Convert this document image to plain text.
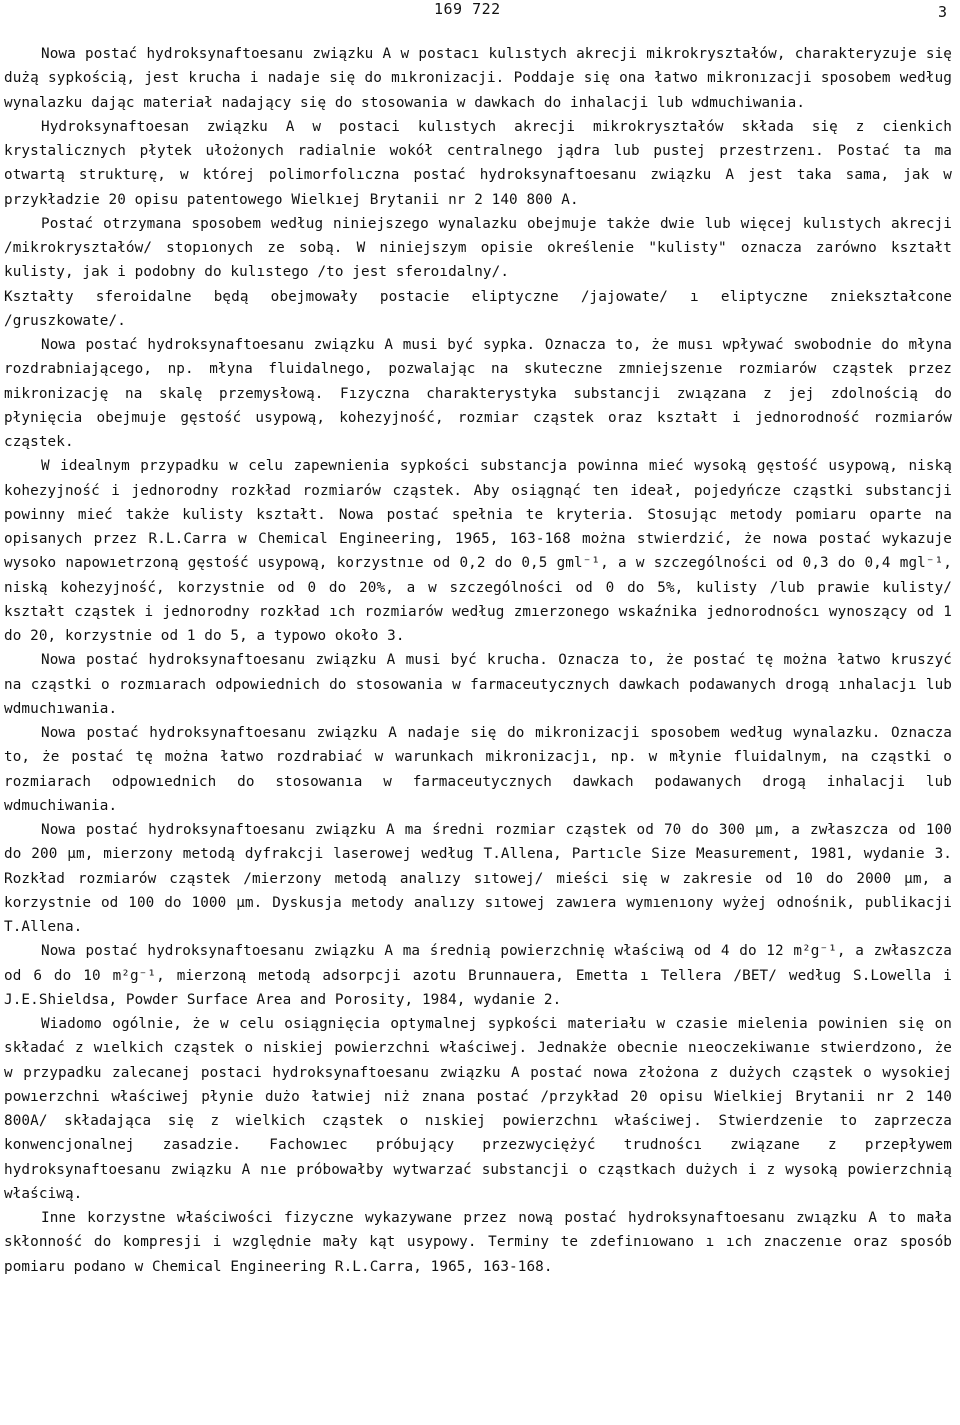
169 722	3

Nowa postać hydroksynaftoesanu związku A w postacı kulıstych akrecji mikrokryształów, charakteryzuje się dużą sypkością, jest krucha i nadaje się do mıkronizacji. Poddaje się ona łatwo mikronızacji sposobem według wynalazku dając materiał nadający się do stosowania w dawkach do inhalacji lub wdmuchiwania.

Hydroksynaftoesan związku A w postaci kulıstych akrecji mikrokryształów składa się z cienkich krystalicznych płytek ułożonych radialnie wokół centralnego jądra lub pustej przestrzenı. Postać ta ma otwartą strukturę, w której polimorfolıczna postać hydroksynaftoesanu związku A jest taka sama, jak w przykładzie 20 opisu patentowego Wielkıej Brytanii nr 2 140 800 A.

Postać otrzymana sposobem według niniejszego wynalazku obejmuje także dwie lub więcej kulıstych akrecji /mikrokryształów/ stopıonych ze sobą. W niniejszym opisie określenie "kulisty" oznacza zarówno kształt kulisty, jak i podobny do kulıstego /to jest sferoıdalny/.

Kształty sferoidalne będą obejmowały postacie eliptyczne /jajowate/ ı eliptyczne zniekształcone /gruszkowate/.

Nowa postać hydroksynaftoesanu związku A musi być sypka. Oznacza to, że musı wpływać swobodnie do młyna rozdrabniającego, np. młyna fluidalnego, pozwalając na skuteczne zmniejszenıe rozmiarów cząstek przez mikronizację na skalę przemysłową. Fızyczna charakterystyka substancji zwıązana z jej zdolnością do płynięcia obejmuje gęstość usypową, kohezyjność, rozmiar cząstek oraz kształt i jednorodność rozmiarów cząstek.

W idealnym przypadku w celu zapewnienia sypkości substancja powinna mieć wysoką gęstość usypową, niską kohezyjność i jednorodny rozkład rozmiarów cząstek. Aby osiągnąć ten ideał, pojedyńcze cząstki substancji powinny mieć także kulisty kształt. Nowa postać spełnia te kryteria. Stosując metody pomiaru oparte na opisanych przez R.L.Carra w Chemical Engineering, 1965, 163-168 można stwierdzić, że nowa postać wykazuje wysoko napowıetrzoną gęstość usypową, korzystnıe od 0,2 do 0,5 gml⁻¹, a w szczególności od 0,3 do 0,4 mgl⁻¹, niską kohezyjność, korzystnie od 0 do 20%, a w szczególności od 0 do 5%, kulisty /lub prawie kulisty/ kształt cząstek i jednorodny rozkład ıch rozmiarów według zmıerzonego wskaźnika jednorodnoścı wynoszący od 1 do 20, korzystnie od 1 do 5, a typowo około 3.

Nowa postać hydroksynaftoesanu związku A musi być krucha. Oznacza to, że postać tę można łatwo kruszyć na cząstki o rozmıarach odpowiednich do stosowania w farmaceutycznych dawkach podawanych drogą ınhalacjı lub wdmuchıwania.

Nowa postać hydroksynaftoesanu związku A nadaje się do mikronizacji sposobem według wynalazku. Oznacza to, że postać tę można łatwo rozdrabiać w warunkach mikronizacjı, np. w młynie fluidalnym, na cząstki o rozmiarach odpowıednich do stosowanıa w farmaceutycznych dawkach podawanych drogą inhalacji lub wdmuchiwania.

Nowa postać hydroksynaftoesanu związku A ma średni rozmiar cząstek od 70 do 300 μm, a zwłaszcza od 100 do 200 μm, mierzony metodą dyfrakcji laserowej według T.Allena, Partıcle Size Measurement, 1981, wydanie 3. Rozkład rozmiarów cząstek /mierzony metodą analızy sıtowej/ mieści się w zakresie od 10 do 2000 μm, a korzystnie od 100 do 1000 μm. Dyskusja metody analızy sıtowej zawıera wymıenıony wyżej odnośnik, publikacji T.Allena.

Nowa postać hydroksynaftoesanu związku A ma średnią powierzchnię właściwą od 4 do 12 m²g⁻¹, a zwłaszcza od 6 do 10 m²g⁻¹, mierzoną metodą adsorpcji azotu Brunnauera, Emetta ı Tellera /BET/ według S.Lowella i J.E.Shieldsa, Powder Surface Area and Porosity, 1984, wydanie 2.

Wiadomo ogólnie, że w celu osiągnięcia optymalnej sypkości materiału w czasie mielenia powinien się on składać z wıelkich cząstek o niskiej powierzchni właściwej. Jednakże obecnie nıeoczekiwanıe stwierdzono, że w przypadku zalecanej postaci hydroksynaftoesanu związku A postać nowa złożona z dużych cząstek o wysokiej powıerzchni właściwej płynie dużo łatwiej niż znana postać /przykład 20 opisu Wielkiej Brytanii nr 2 140 800A/ składająca się z wielkich cząstek o nıskiej powierzchnı właściwej. Stwierdzenie to zaprzecza konwencjonalnej zasadzie. Fachowıec próbujący przezwyciężyć trudnoścı związane z przepływem hydroksynaftoesanu związku A nıe próbowałby wytwarzać substancji o cząstkach dużych i z wysoką powierzchnią właściwą.

Inne korzystne właściwości fizyczne wykazywane przez nową postać hydroksynaftoesanu zwıązku A to mała skłonność do kompresji i względnie mały kąt usypowy. Terminy te zdefinıowano ı ıch znaczenıe oraz sposób pomiaru podano w Chemical Engineering R.L.Carra, 1965, 163-168.
